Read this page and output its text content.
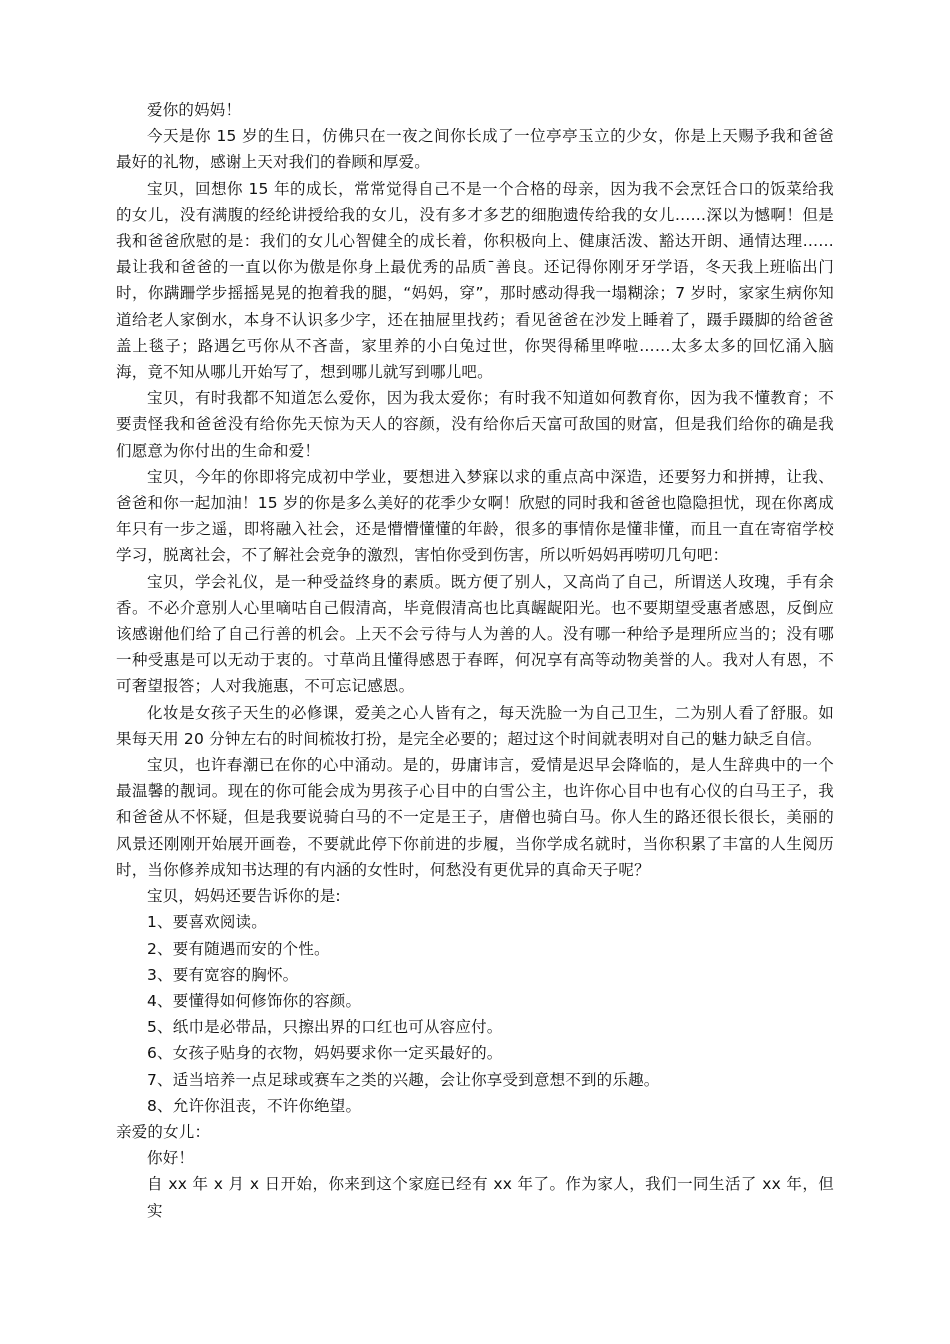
爱你的妈妈！

今天是你 15 岁的生日，仿佛只在一夜之间你长成了一位亭亭玉立的少女，你是上天赐予我和爸爸最好的礼物，感谢上天对我们的眷顾和厚爱。

宝贝，回想你 15 年的成长，常常觉得自己不是一个合格的母亲，因为我不会烹饪合口的饭菜给我的女儿，没有满腹的经纶讲授给我的女儿，没有多才多艺的细胞遗传给我的女儿……深以为憾啊！但是我和爸爸欣慰的是：我们的女儿心智健全的成长着，你积极向上、健康活泼、豁达开朗、通情达理……最让我和爸爸的一直以你为傲是你身上最优秀的品质¯善良。还记得你刚牙牙学语，冬天我上班临出门时，你蹒跚学步摇摇晃晃的抱着我的腿，“妈妈，穿”，那时感动得我一塌糊涂；7 岁时，家家生病你知道给老人家倒水，本身不认识多少字，还在抽屉里找药；看见爸爸在沙发上睡着了，蹑手蹑脚的给爸爸盖上毯子；路遇乞丐你从不吝啬，家里养的小白兔过世，你哭得稀里哗啦……太多太多的回忆涌入脑海，竟不知从哪儿开始写了，想到哪儿就写到哪儿吧。

宝贝，有时我都不知道怎么爱你，因为我太爱你；有时我不知道如何教育你，因为我不懂教育；不要责怪我和爸爸没有给你先天惊为天人的容颜，没有给你后天富可敌国的财富，但是我们给你的确是我们愿意为你付出的生命和爱！

宝贝，今年的你即将完成初中学业，要想进入梦寐以求的重点高中深造，还要努力和拼搏，让我、爸爸和你一起加油！15 岁的你是多么美好的花季少女啊！欣慰的同时我和爸爸也隐隐担忧，现在你离成年只有一步之遥，即将融入社会，还是懵懵懂懂的年龄，很多的事情你是懂非懂，而且一直在寄宿学校学习，脱离社会，不了解社会竞争的激烈，害怕你受到伤害，所以听妈妈再唠叨几句吧：

宝贝，学会礼仪，是一种受益终身的素质。既方便了别人，又高尚了自己，所谓送人玫瑰，手有余香。不必介意别人心里嘀咕自己假清高，毕竟假清高也比真龌龊阳光。也不要期望受惠者感恩，反倒应该感谢他们给了自己行善的机会。上天不会亏待与人为善的人。没有哪一种给予是理所应当的；没有哪一种受惠是可以无动于衷的。寸草尚且懂得感恩于春晖，何况享有高等动物美誉的人。我对人有恩，不可奢望报答；人对我施惠，不可忘记感恩。

化妆是女孩子天生的必修课，爱美之心人皆有之，每天洗脸一为自己卫生，二为别人看了舒服。如果每天用 20 分钟左右的时间梳妆打扮，是完全必要的；超过这个时间就表明对自己的魅力缺乏自信。

宝贝，也许春潮已在你的心中涌动。是的，毋庸讳言，爱情是迟早会降临的，是人生辞典中的一个最温馨的靓词。现在的你可能会成为男孩子心目中的白雪公主，也许你心目中也有心仪的白马王子，我和爸爸从不怀疑，但是我要说骑白马的不一定是王子，唐僧也骑白马。你人生的路还很长很长，美丽的风景还刚刚开始展开画卷，不要就此停下你前进的步履，当你学成名就时，当你积累了丰富的人生阅历时，当你修养成知书达理的有内涵的女性时，何愁没有更优异的真命天子呢？

宝贝，妈妈还要告诉你的是:

1、要喜欢阅读。

2、要有随遇而安的个性。

3、要有宽容的胸怀。

4、要懂得如何修饰你的容颜。

5、纸巾是必带品，只擦出界的口红也可从容应付。

6、女孩子贴身的衣物，妈妈要求你一定买最好的。

7、适当培养一点足球或赛车之类的兴趣，会让你享受到意想不到的乐趣。

8、允许你沮丧，不许你绝望。

亲爱的女儿：

你好！

自 xx 年 x 月 x 日开始，你来到这个家庭已经有 xx 年了。作为家人，我们一同生活了 xx 年，但实
